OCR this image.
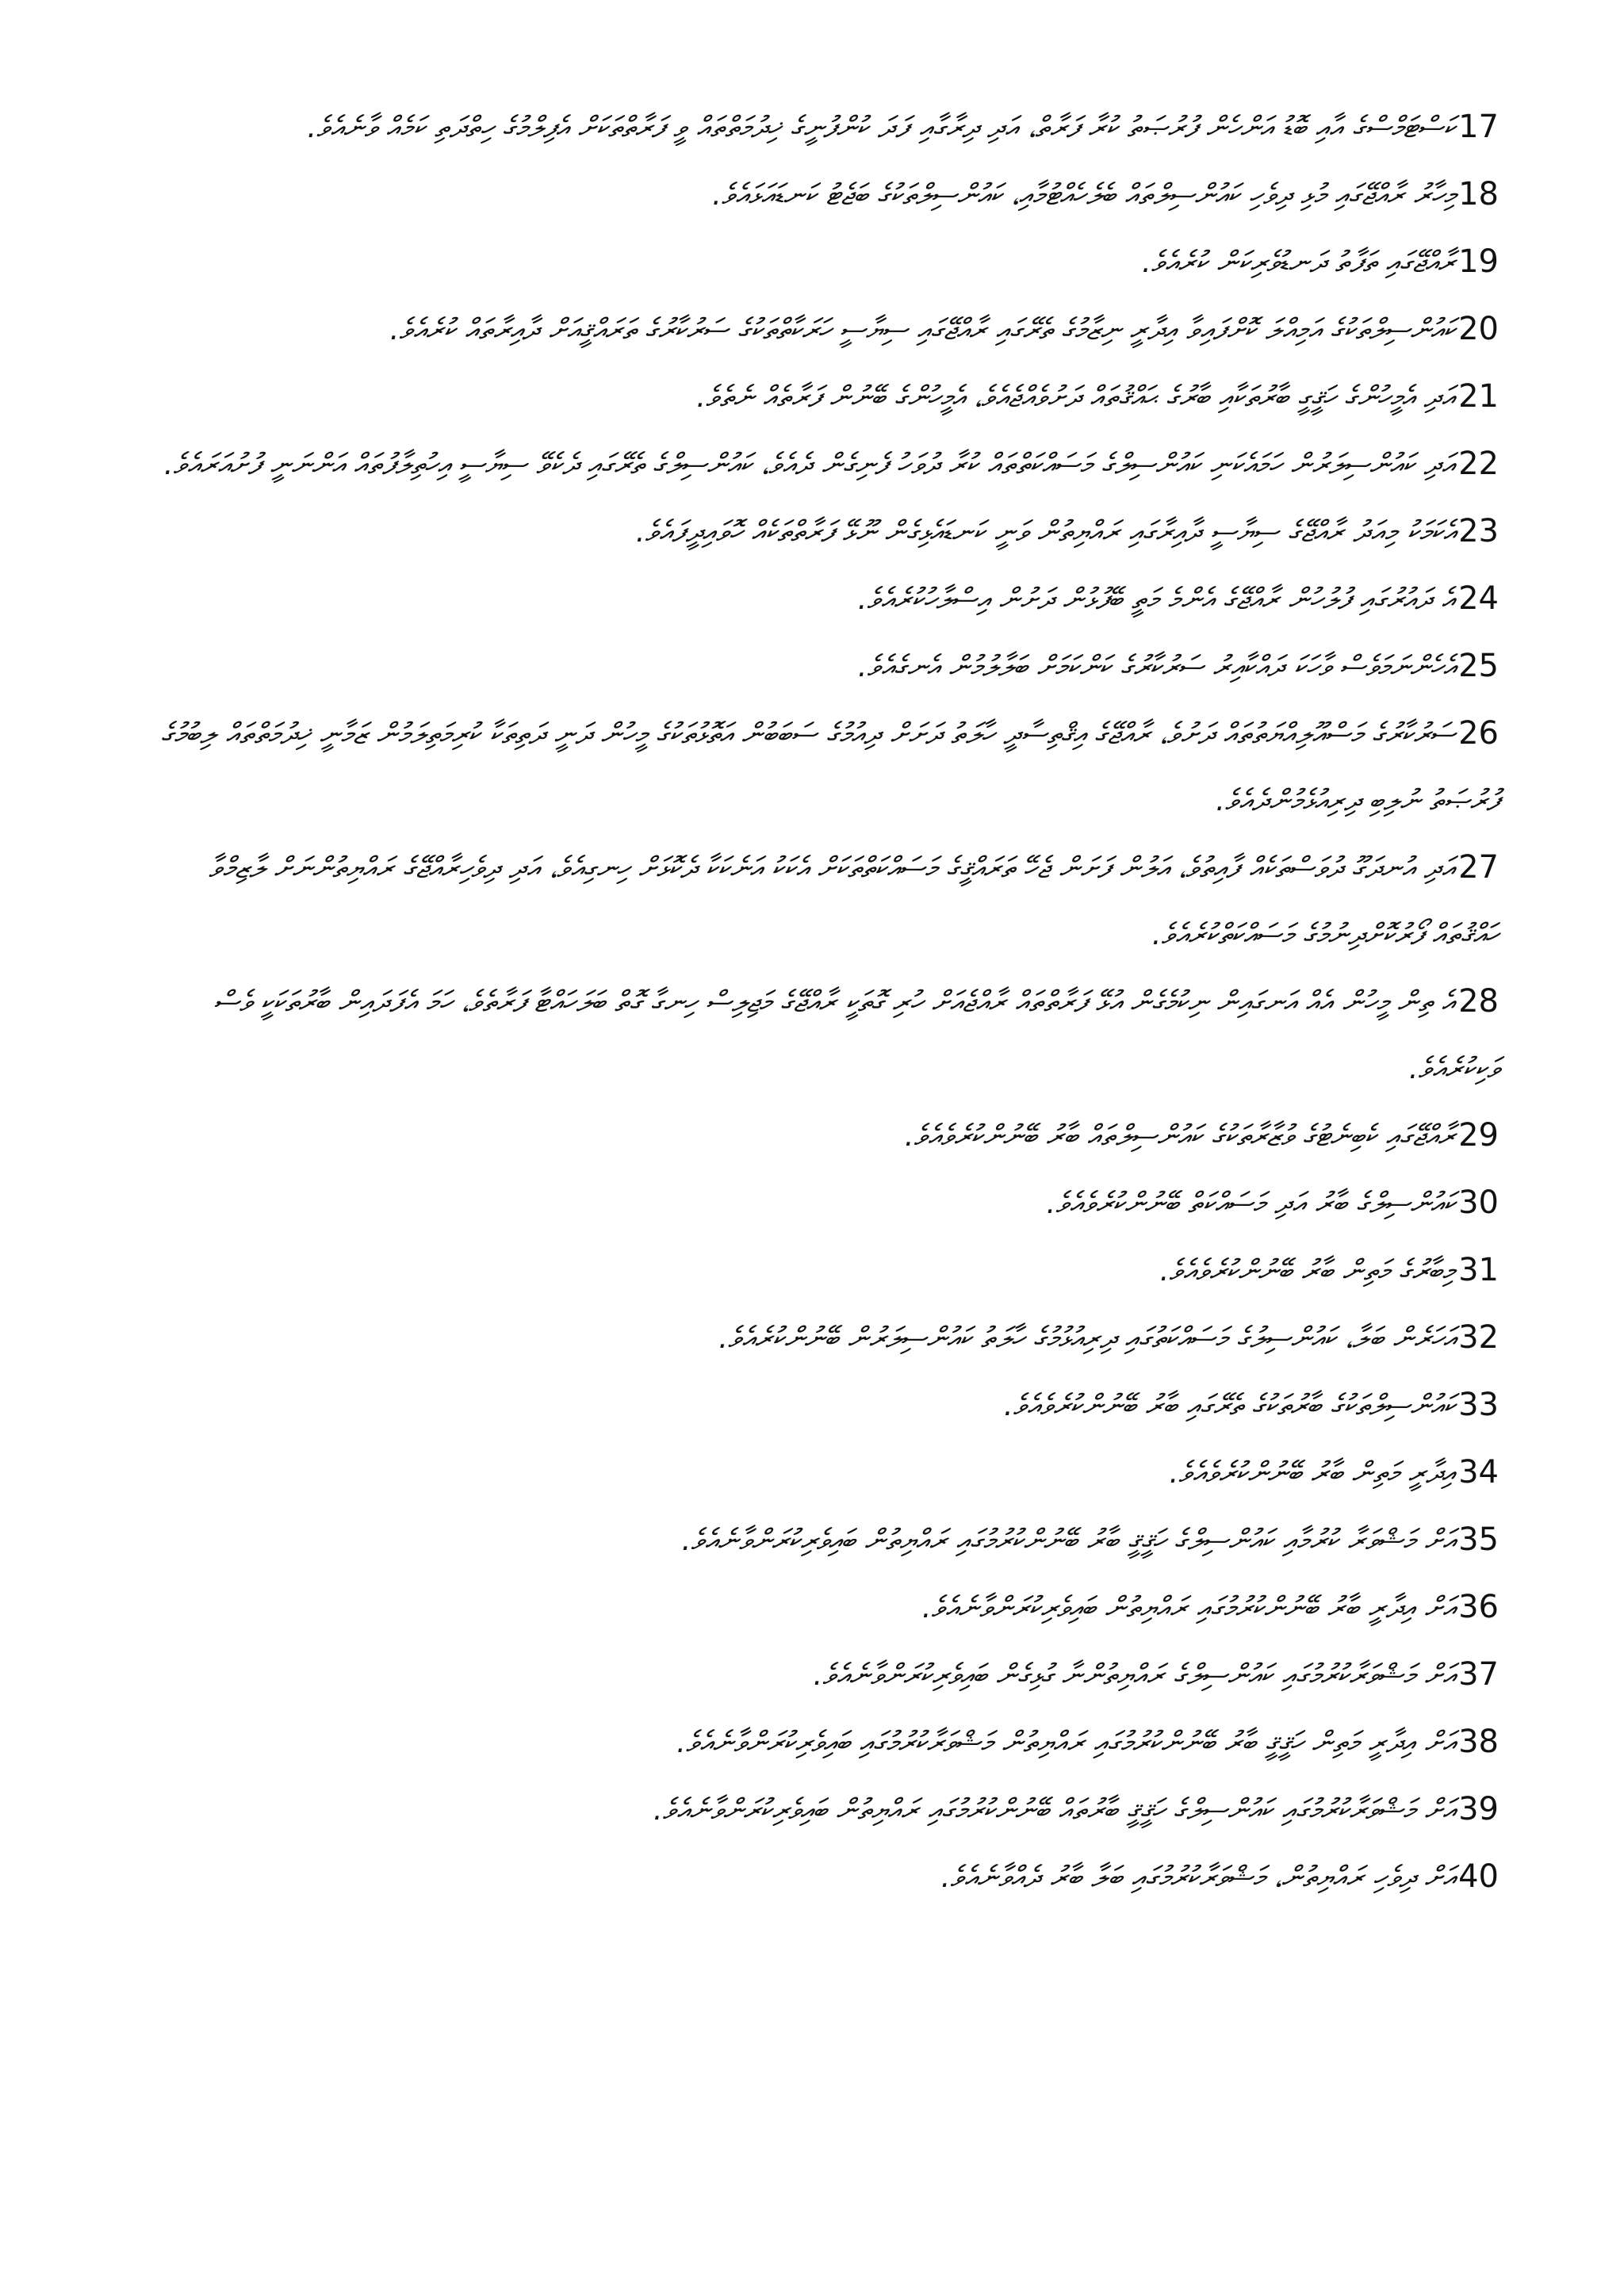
17ކަސްޓަމްސްގެ އާއި ބޮޑު އަންހެން ފުރުޞަތު ކުރާ ފަރާތް، އަދި ދިރާގާއި ފަދަ ކުންފުނީގެ ޚިދުމަތްތައް ވީ ފަރާތްތަކަށް އެފިލްމުގެ ހިތްދަތި ކަމެއް ވާނެއެވެ.
18މިހާރު ރާއްޖޭގައި މުޅި ދިވެހި ކައުންސިލްތައް ބެލެހެއްޓުމާއި، ކައުންސިލްތަކުގެ ބަޖެޓު ކަނޑައަޅައެވެ.
19ރާއްޖޭގައި ތަފާތު ދަނޑުވެރިކަން ކުރެއެވެ.
20ކައުންސިލްތަކުގެ އަމިއްލަ ކޮށްފައިވާ އިދާރީ ނިޒާމުގެ ތެރޭގައި ރާއްޖޭގައި ސިޔާސީ ހަރަކާތްތަކުގެ ސަރުކާރުގެ ތަރައްޤީއަށް ދާއިރާތައް ކުރެއެވެ.
21އަދި އެމީހުންގެ ހަޤީގީ ބާރުތަކާއި ބާރުގެ ޙައްޤުތައް ދަށުވެއްޖެއެވެ، އެމީހުންގެ ބޭނުން ފަރާތެއް ނެތެވެ.
22އަދި ކައުންސިލަރުން ހަމައެކަނި ކައުންސިލްގެ މަސައްކަތްތައް ކުރާ ދުވަހު ފެނިގެން ދެއެވެ، ކައުންސިލްގެ ތެރޭގައި ދެކެވޭ ސިޔާސީ އިހުތިލާފުތައް އަންނަނީ ފުށުއަރައެވެ.
23އެކަމަކު މިއަދު ރާއްޖޭގެ ސިޔާސީ ދާއިރާގައި ރައްޔިތުން ވަނީ ކަނޑައެޅިގެން ނޫޅޭ ފަރާތްތަކެއް ހޮވައިދީފައެވެ.
24އެ ދައުރުގައި ފުލުހުން ރާއްޖޭގެ އެންމެ މަތީ ބޭފުޅުން ދަށުން އިސްލާހުކުރެއެވެ.
25އެހެންނަމަވެސް ވާހަކަ ދައްކާއިރު ސަރުކާރުގެ ކަންކަމަށް ބަލާލުމުން އެނގެއެވެ.
26ސަރުކާރުގެ މަސްއޫލިއްޔަތުތައް ދަށުވެ، ރާއްޖޭގެ އިޤްތިސާދީ ހާލަތު ދަށަށް ދިއުމުގެ ސަބަބުން އަތޮޅުތަކުގެ މީހުން ދަނީ ދަތިތަކާ ކުރިމަތިލަމުން ޒަމާނީ ޚިދުމަތްތައް ލިބުމުގެ ފުރުޞަތު ނުލިބި ދިރިއުޅެމުންދެއެވެ.
27އަދި އުނދަގޫ ދުވަސްތަކެއް ފާއިތުވެ، އަލުން ފަށަން ޖެހޭ ތަރައްޤީގެ މަސައްކަތްތަކަށް އެކަކު އަނެކަކާ ދެކޮޅަށް ހިނގިއެވެ، އަދި ދިވެހިރާއްޖޭގެ ރައްޔިތުންނަށް ލާޒިމްވާ ހައްޤުތައް ފޯރުކޮށްދިނުމުގެ މަސައްކަތްކުރެއެވެ.
28އެ ތިން މީހުން އެއް އަނގައިން ނިކުމެގެން އުޅޭ ފަރާތްތައް ރާއްޖެއަށް ހުރި ގޮތަކީ ރާއްޖޭގެ މަޖިލިސް ހިނގާ ގޮތް ބަލަހައްޓާ ފަރާތެވެ، ހަމަ އެފަދައިން ބާރުތަކަކީ ވެސް ވަކިކުރެއެވެ.
29ރާއްޖޭގައި ކެބިނެޓުގެ ވުޒާރާތަކުގެ ކައުންސިލްތައް ބާރު ބޭނުންކުރެވެއެވެ.
30ކައުންސިލްގެ ބާރު އަދި މަސައްކަތް ބޭނުންކުރެވެއެވެ.
31މިބާރުގެ މަތިން ބާރު ބޭނުންކުރެވެއެވެ.
32އަހަރެން ބަލާ، ކައުންސިލުގެ މަސައްކަތުގައި ދިރިއުޅުމުގެ ހާލަތު ކައުންސިލަރުން ބޭނުންކުރެއެވެ.
33ކައުންސިލްތަކުގެ ބާރުތަކުގެ ތެރޭގައި ބާރު ބޭނުންކުރެވެއެވެ.
34އިދާރީ މަތިން ބާރު ބޭނުންކުރެވެއެވެ.
35އަށް މަޝްވަރާ ކުރުމާއި ކައުންސިލްގެ ހަޤީޤީ ބާރު ބޭނުންކުރުމުގައި ރައްޔިތުން ބައިވެރިކުރަންވާނެއެވެ.
36އަށް އިދާރީ ބާރު ބޭނުންކުރުމުގައި ރައްޔިތުން ބައިވެރިކުރަންވާނެއެވެ.
37އަށް މަޝްވަރާކުރުމުގައި ކައުންސިލްގެ ރައްޔިތުންނާ ގުޅިގެން ބައިވެރިކުރަންވާނެއެވެ.
38އަށް އިދާރީ މަތިން ހަޤީޤީ ބާރު ބޭނުންކުރުމުގައި ރައްޔިތުން މަޝްވަރާކުރުމުގައި ބައިވެރިކުރަންވާނެއެވެ.
39އަށް މަޝްވަރާކުރުމުގައި ކައުންސިލްގެ ހަޤީޤީ ބާރުތައް ބޭނުންކުރުމުގައި ރައްޔިތުން ބައިވެރިކުރަންވާނެއެވެ.
40އަށް ދިވެހި ރައްޔިތުން، މަޝްވަރާކުރުމުގައި ބަލާ ބާރު ދެއްވާނެއެވެ.
